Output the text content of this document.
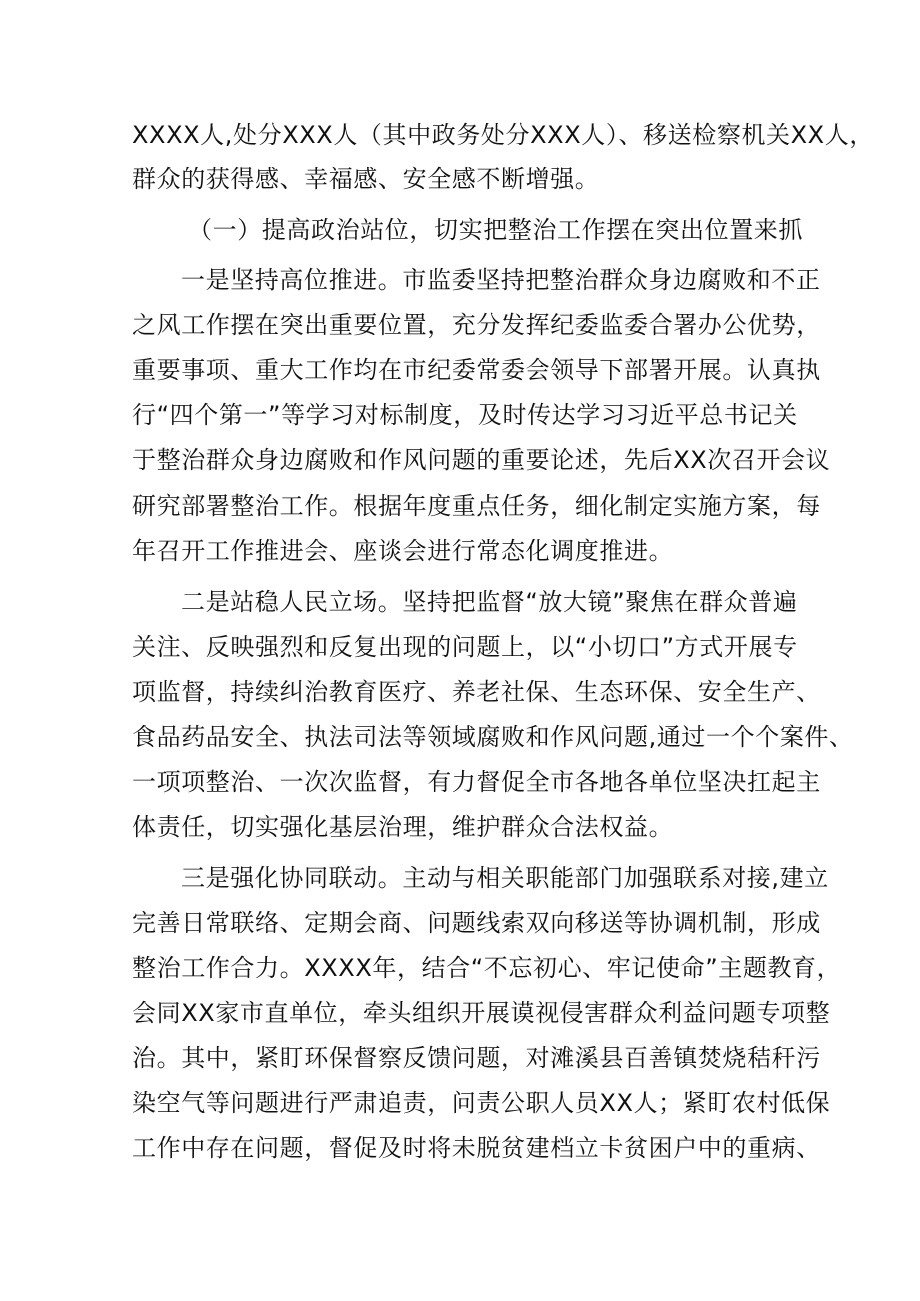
XXXX人,处分XXX人（其中政务处分XXX人）、移送检察机关XX人，
群众的获得感、幸福感、安全感不断增强。
（一）提高政治站位，切实把整治工作摆在突出位置来抓
一是坚持高位推进。市监委坚持把整治群众身边腐败和不正
之风工作摆在突出重要位置，充分发挥纪委监委合署办公优势，
重要事项、重大工作均在市纪委常委会领导下部署开展。认真执
行“四个第一”等学习对标制度，及时传达学习习近平总书记关
于整治群众身边腐败和作风问题的重要论述，先后XX次召开会议
研究部署整治工作。根据年度重点任务，细化制定实施方案，每
年召开工作推进会、座谈会进行常态化调度推进。
二是站稳人民立场。坚持把监督“放大镜”聚焦在群众普遍
关注、反映强烈和反复出现的问题上，以“小切口”方式开展专
项监督，持续纠治教育医疗、养老社保、生态环保、安全生产、
食品药品安全、执法司法等领域腐败和作风问题,通过一个个案件、
一项项整治、一次次监督，有力督促全市各地各单位坚决扛起主
体责任，切实强化基层治理，维护群众合法权益。
三是强化协同联动。主动与相关职能部门加强联系对接,建立
完善日常联络、定期会商、问题线索双向移送等协调机制，形成
整治工作合力。XXXX年，结合“不忘初心、牢记使命”主题教育，
会同XX家市直单位，牵头组织开展谟视侵害群众利益问题专项整
治。其中，紧盯环保督察反馈问题，对滩溪县百善镇焚烧秸秆污
染空气等问题进行严肃追责，问责公职人员XX人；紧盯农村低保
工作中存在问题，督促及时将未脱贫建档立卡贫困户中的重病、
